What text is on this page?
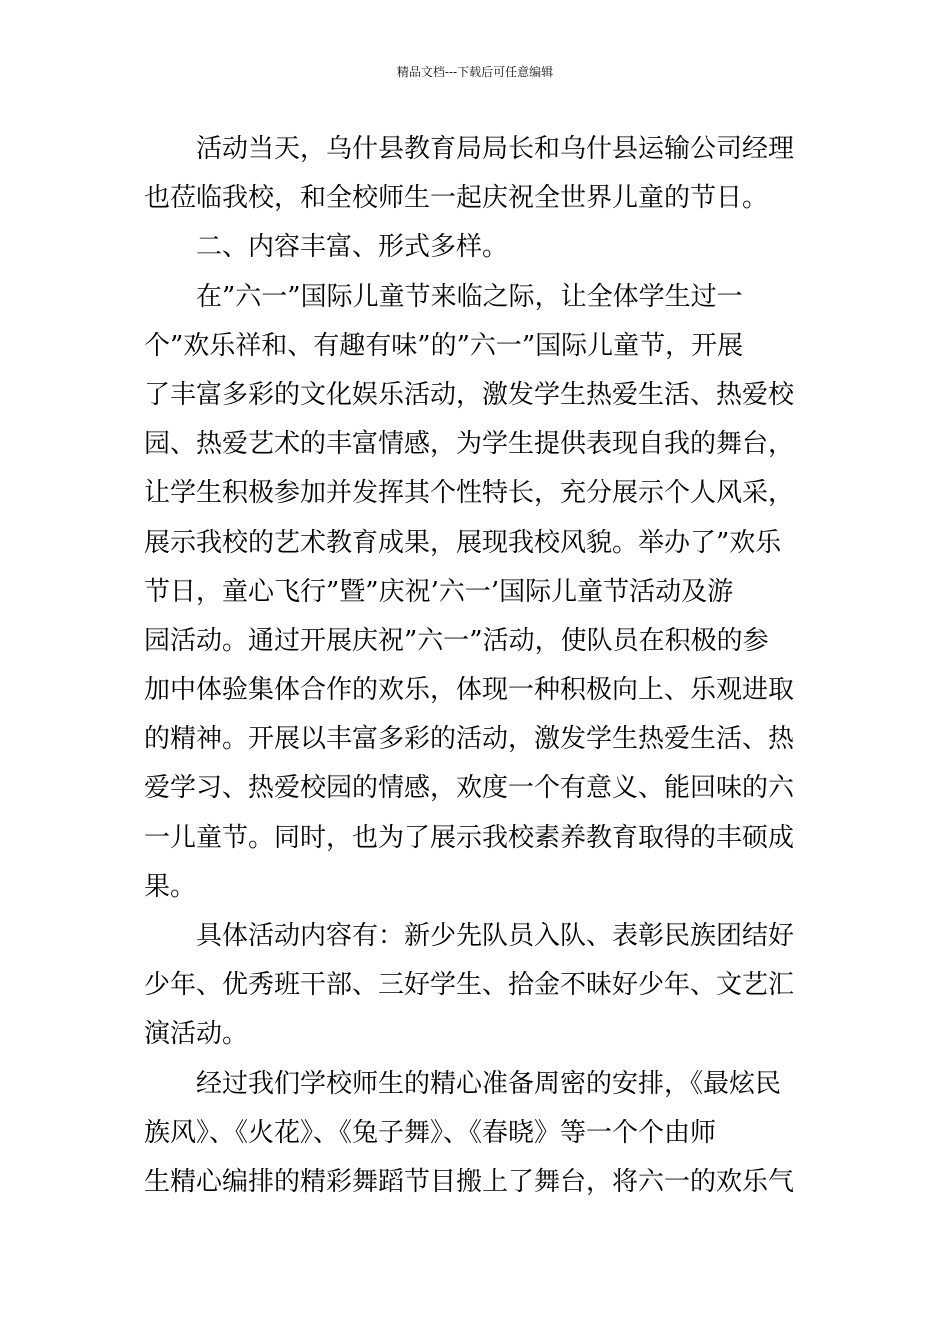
精品文档---下载后可任意编辑
活动当天，乌什县教育局局长和乌什县运输公司经理
也莅临我校，和全校师生一起庆祝全世界儿童的节日。
二、内容丰富、形式多样。
在”六一”国际儿童节来临之际，让全体学生过一
个”欢乐祥和、有趣有味”的”六一”国际儿童节，开展
了丰富多彩的文化娱乐活动，激发学生热爱生活、热爱校
园、热爱艺术的丰富情感，为学生提供表现自我的舞台，
让学生积极参加并发挥其个性特长，充分展示个人风采，
展示我校的艺术教育成果，展现我校风貌。举办了”欢乐
节日，童心飞行”暨”庆祝’六一’国际儿童节活动及游
园活动。通过开展庆祝”六一”活动，使队员在积极的参
加中体验集体合作的欢乐，体现一种积极向上、乐观进取
的精神。开展以丰富多彩的活动，激发学生热爱生活、热
爱学习、热爱校园的情感，欢度一个有意义、能回味的六
一儿童节。同时，也为了展示我校素养教育取得的丰硕成
果。
具体活动内容有：新少先队员入队、表彰民族团结好
少年、优秀班干部、三好学生、拾金不昧好少年、文艺汇
演活动。
经过我们学校师生的精心准备周密的安排，《最炫民
族风》、《火花》、《兔子舞》、《春晓》等一个个由师
生精心编排的精彩舞蹈节目搬上了舞台，将六一的欢乐气
